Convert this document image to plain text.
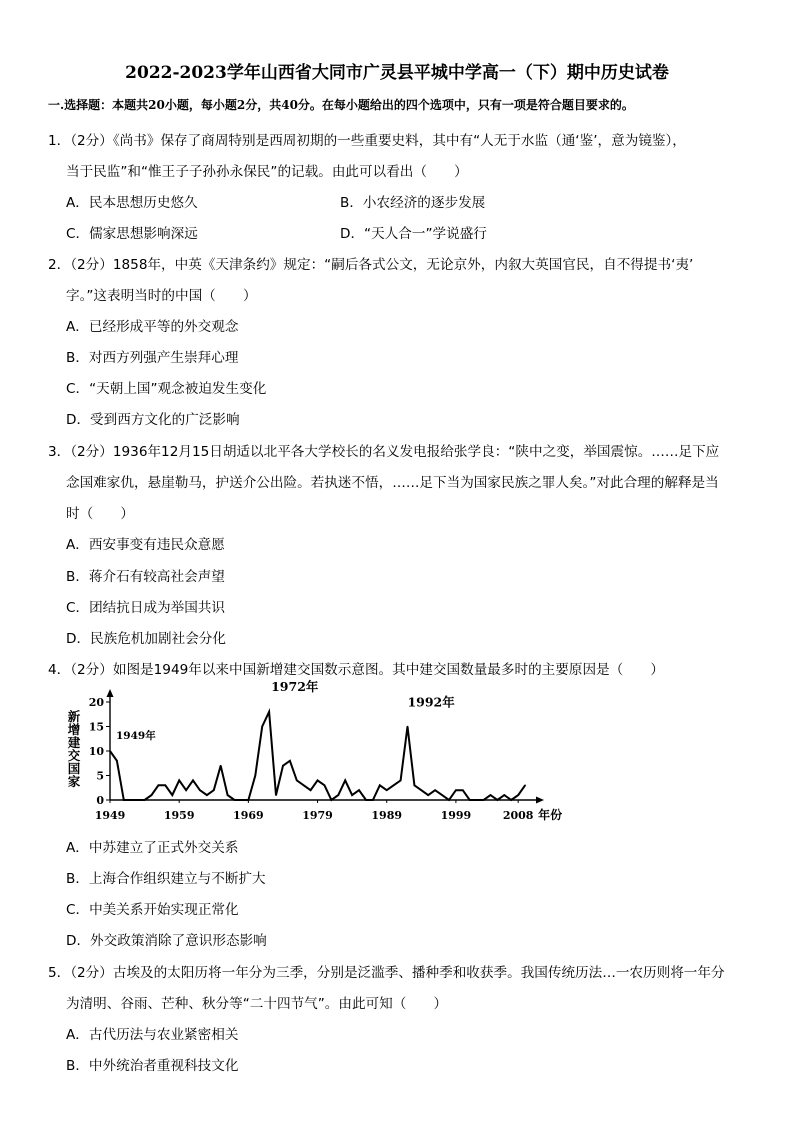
2022-2023学年山西省大同市广灵县平城中学高一（下）期中历史试卷
一.选择题：本题共20小题，每小题2分，共40分。在每小题给出的四个选项中，只有一项是符合题目要求的。
1．（2分）《尚书》保存了商周特别是西周初期的一些重要史料，其中有“人无于水监（通‘鉴’，意为镜鉴），
当于民监”和“惟王子子孙孙永保民”的记载。由此可以看出（　　）
A．民本思想历史悠久	B．小农经济的逐步发展
C．儒家思想影响深远	D．“天人合一”学说盛行
2．（2分）1858年，中英《天津条约》规定：“嗣后各式公文，无论京外，内叙大英国官民，自不得提书‘夷’
字。”这表明当时的中国（　　）
A．已经形成平等的外交观念
B．对西方列强产生崇拜心理
C．“天朝上国”观念被迫发生变化
D．受到西方文化的广泛影响
3．（2分）1936年12月15日胡适以北平各大学校长的名义发电报给张学良：“陕中之变，举国震惊。……足下应
念国难家仇，悬崖勒马，护送介公出险。若执迷不悟，……足下当为国家民族之罪人矣。”对此合理的解释是当
时（　　）
A．西安事变有违民众意愿
B．蒋介石有较高社会声望
C．团结抗日成为举国共识
D．民族危机加剧社会分化
4．（2分）如图是1949年以来中国新增建交国数示意图。其中建交国数量最多时的主要原因是（　　）
新
增
建
交
国
家
0
5
10
15
20
1949	1959	1969	1979	1989	1999	2008
1949年
1972年
1992年
年份
A．中苏建立了正式外交关系
B．上海合作组织建立与不断扩大
C．中美关系开始实现正常化
D．外交政策消除了意识形态影响
5．（2分）古埃及的太阳历将一年分为三季，分别是泛滥季、播种季和收获季。我国传统历法…一农历则将一年分
为清明、谷雨、芒种、秋分等“二十四节气”。由此可知（　　）
A．古代历法与农业紧密相关
B．中外统治者重视科技文化
